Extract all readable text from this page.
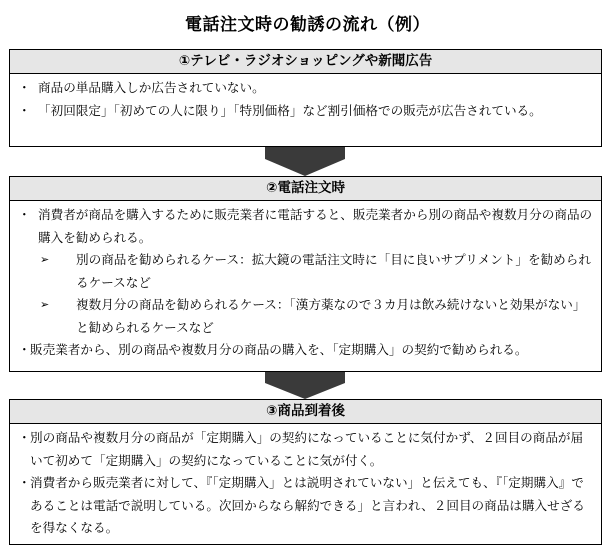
電話注文時の勧誘の流れ（例）
①テレビ・ラジオショッピングや新聞広告
・ 商品の単品購入しか広告されていない。
・ 「初回限定」「初めての人に限り」「特別価格」など割引価格での販売が広告されている。
②電話注文時
・ 消費者が商品を購入するために販売業者に電話すると、販売業者から別の商品や複数月分の商品の購入を勧められる。
➢ 別の商品を勧められるケース：拡大鏡の電話注文時に「目に良いサプリメント」を勧められるケースなど
➢ 複数月分の商品を勧められるケース：「漢方薬なので３カ月は飲み続けないと効果がない」と勧められるケースなど
・ 販売業者から、別の商品や複数月分の商品の購入を、「定期購入」の契約で勧められる。
③商品到着後
・ 別の商品や複数月分の商品が「定期購入」の契約になっていることに気付かず、２回目の商品が届いて初めて「定期購入」の契約になっていることに気が付く。
・ 消費者から販売業者に対して、『「定期購入」とは説明されていない」と伝えても、『「定期購入』であることは電話で説明している。次回からなら解約できる」と言われ、２回目の商品は購入せざるを得なくなる。
